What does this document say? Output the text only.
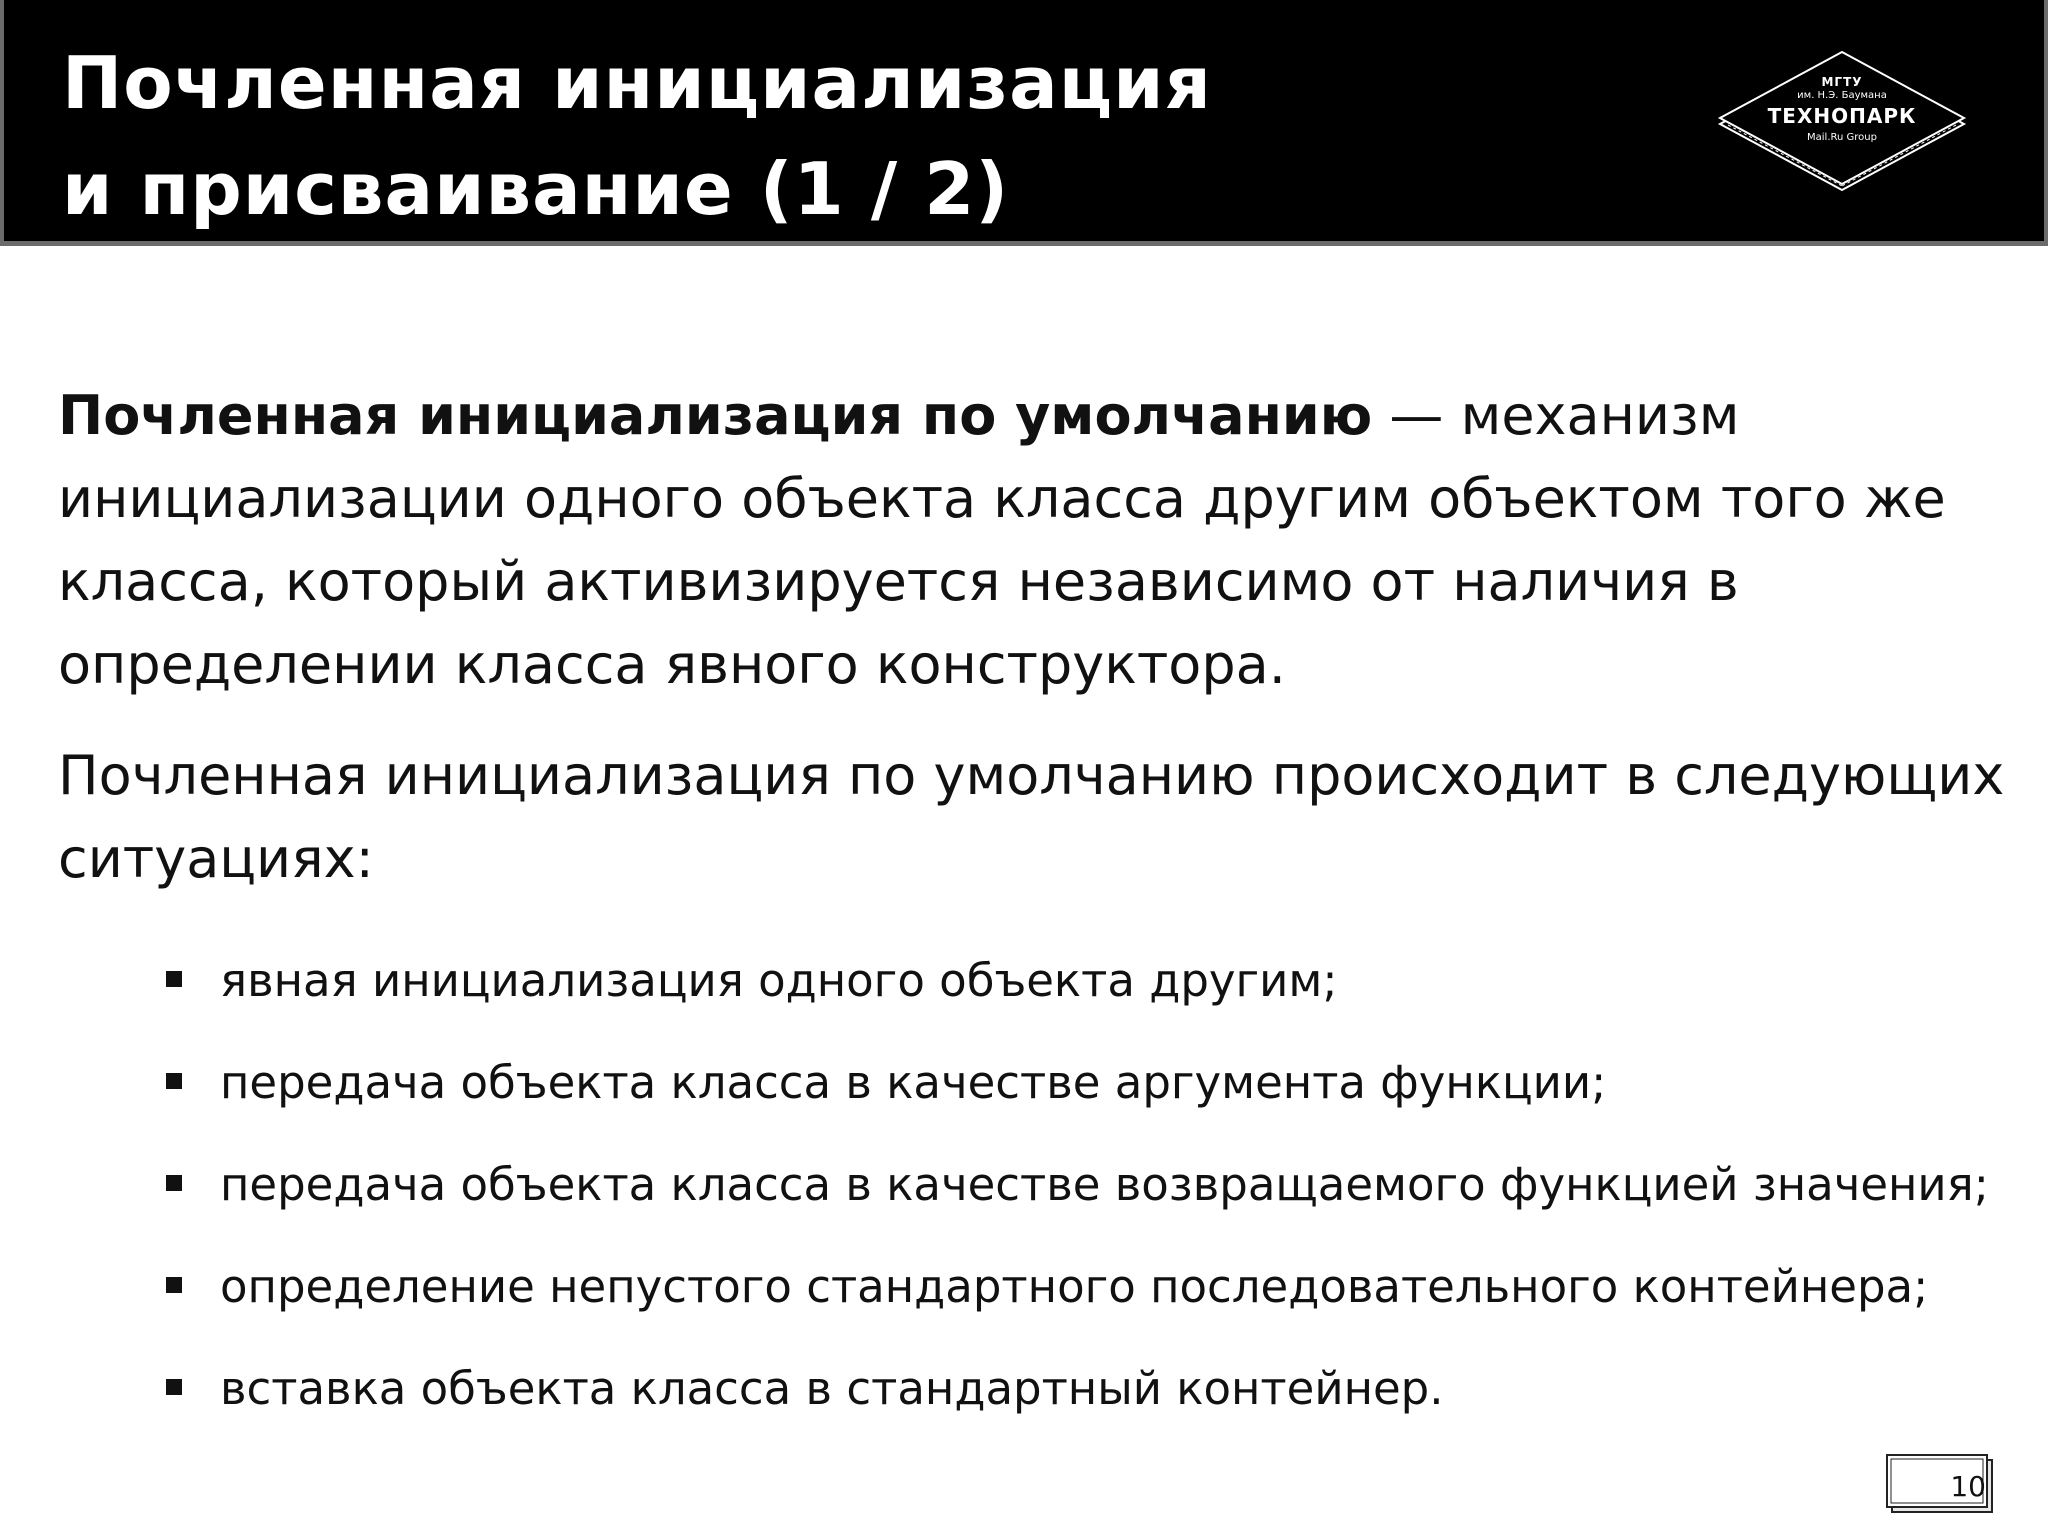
Почленная инициализация
и присваивание (1 / 2)
МГТУ
им. Н.Э. Баумана
ТЕХНОПАРК
Mail.Ru Group

Почленная инициализация по умолчанию — механизм инициализации одного объекта класса другим объектом того же класса, который активизируется независимо от наличия в определении класса явного конструктора.

Почленная инициализация по умолчанию происходит в следующих ситуациях:

явная инициализация одного объекта другим;
передача объекта класса в качестве аргумента функции;
передача объекта класса в качестве возвращаемого функцией значения;
определение непустого стандартного последовательного контейнера;
вставка объекта класса в стандартный контейнер.
10
